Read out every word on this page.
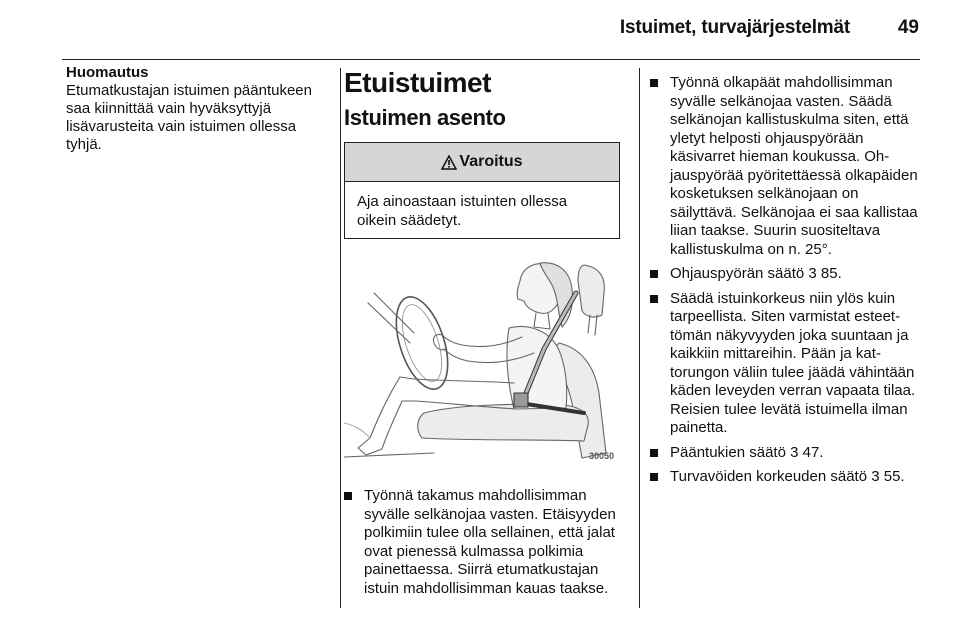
Istuimet, turvajärjestelmät	49
Huomautus
Etumatkustajan istuimen pääntukeen saa kiinnittää vain hyväksyttyjä lisävarusteita vain istuimen ollessa tyhjä.
Etuistuimet
Istuimen asento
Varoitus
Aja ainoastaan istuinten ollessa oikein säädetyt.
30050
Työnnä takamus mahdollisimman syvälle selkänojaa vasten. Etäisyyden polkimiin tulee olla sellainen, että jalat ovat pienessä kulmassa polkimia painettaessa. Siirrä etumatkustajan istuin mahdollisimman kauas taakse.
Työnnä olkapäät mahdollisimman syvälle selkänojaa vasten. Säädä selkänojan kallistuskulma siten, että yletyt helposti ohjauspyörään käsivarret hieman koukussa. Ohjauspyörää pyöritettäessä olkapäiden kosketuksen selkänojaan on säilyttävä. Selkänojaa ei saa kallistaa liian taakse. Suurin suositeltava kallistuskulma on n. 25°.
Ohjauspyörän säätö 3 85.
Säädä istuinkorkeus niin ylös kuin tarpeellista. Siten varmistat esteettömän näkyvyyden joka suuntaan ja kaikkiin mittareihin. Pään ja kattorungon väliin tulee jäädä vähintään käden leveyden verran vapaata tilaa. Reisien tulee levätä istuimella ilman painetta.
Pääntukien säätö 3 47.
Turvavöiden korkeuden säätö 3 55.
